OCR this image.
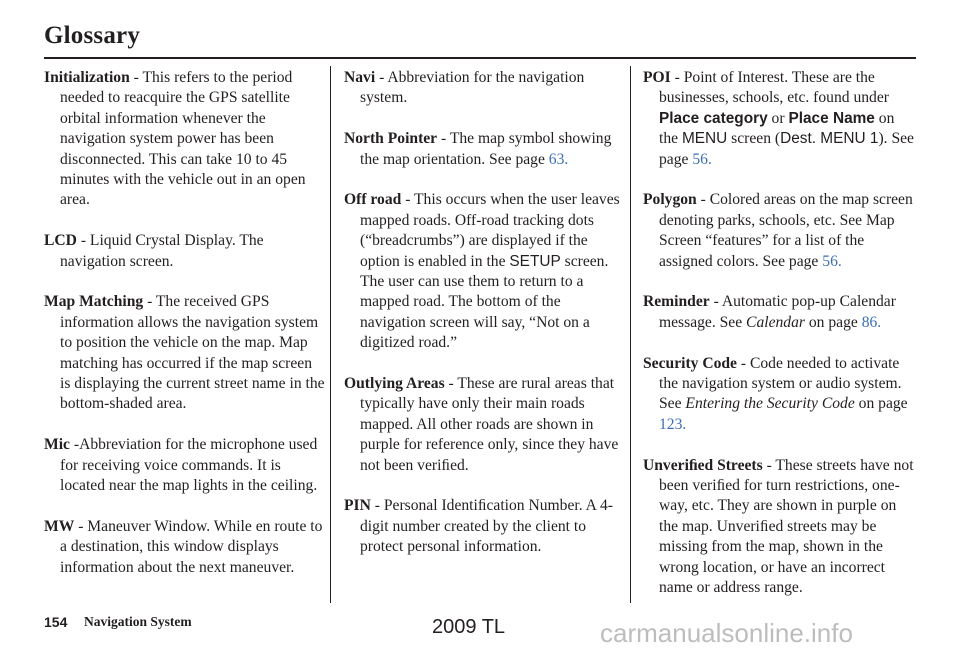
Glossary

Initialization - This refers to the period needed to reacquire the GPS satellite orbital information whenever the navigation system power has been disconnected. This can take 10 to 45 minutes with the vehicle out in an open area.

LCD - Liquid Crystal Display. The navigation screen.

Map Matching - The received GPS information allows the navigation system to position the vehicle on the map. Map matching has occurred if the map screen is displaying the current street name in the bottom-shaded area.

Mic -Abbreviation for the microphone used for receiving voice commands. It is located near the map lights in the ceiling.

MW - Maneuver Window. While en route to a destination, this window displays information about the next maneuver.

Navi - Abbreviation for the navigation system.

North Pointer - The map symbol showing the map orientation. See page 63.

Off road - This occurs when the user leaves mapped roads. Off-road tracking dots (“breadcrumbs”) are displayed if the option is enabled in the SETUP screen. The user can use them to return to a mapped road. The bottom of the navigation screen will say, “Not on a digitized road.”

Outlying Areas - These are rural areas that typically have only their main roads mapped. All other roads are shown in purple for reference only, since they have not been veriﬁed.

PIN - Personal Identiﬁcation Number. A 4-digit number created by the client to protect personal information.

POI - Point of Interest. These are the businesses, schools, etc. found under Place category or Place Name on the MENU screen (Dest. MENU 1). See page 56.

Polygon - Colored areas on the map screen denoting parks, schools, etc. See Map Screen “features” for a list of the assigned colors. See page 56.

Reminder - Automatic pop-up Calendar message. See Calendar on page 86.

Security Code - Code needed to activate the navigation system or audio system. See Entering the Security Code on page 123.

Unveriﬁed Streets - These streets have not been veriﬁed for turn restrictions, one-way, etc. They are shown in purple on the map. Unveriﬁed streets may be missing from the map, shown in the wrong location, or have an incorrect name or address range.

154 Navigation System	2009 TL	carmanualsonline.info
